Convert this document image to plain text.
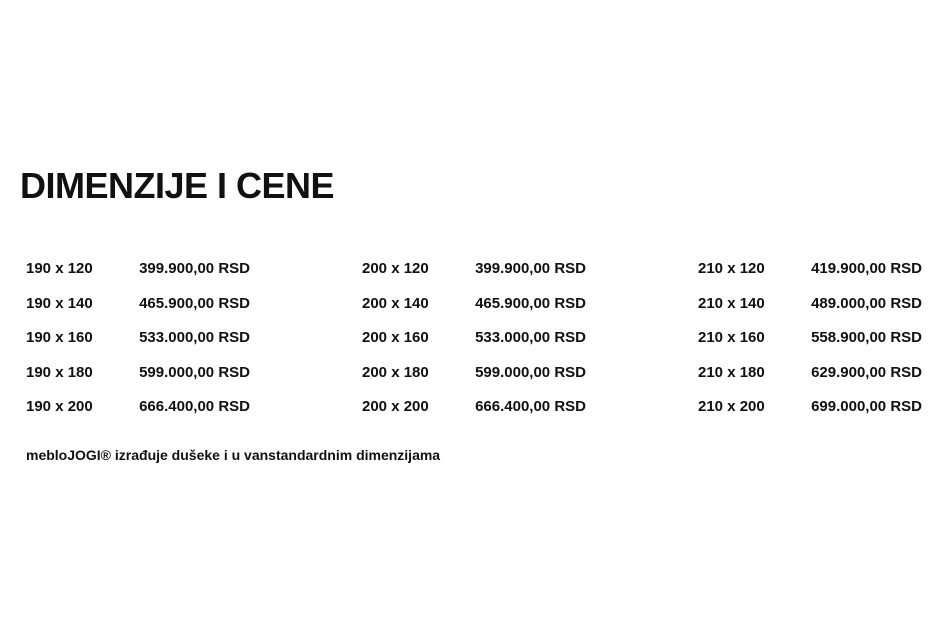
DIMENZIJE I CENE
190 x 120	399.900,00 RSD
190 x 140	465.900,00 RSD
190 x 160	533.000,00 RSD
190 x 180	599.000,00 RSD
190 x 200	666.400,00 RSD
200 x 120	399.900,00 RSD
200 x 140	465.900,00 RSD
200 x 160	533.000,00 RSD
200 x 180	599.000,00 RSD
200 x 200	666.400,00 RSD
210 x 120	419.900,00 RSD
210 x 140	489.000,00 RSD
210 x 160	558.900,00 RSD
210 x 180	629.900,00 RSD
210 x 200	699.000,00 RSD

mebloJOGI® izrađuje dušeke i u vanstandardnim dimenzijama
